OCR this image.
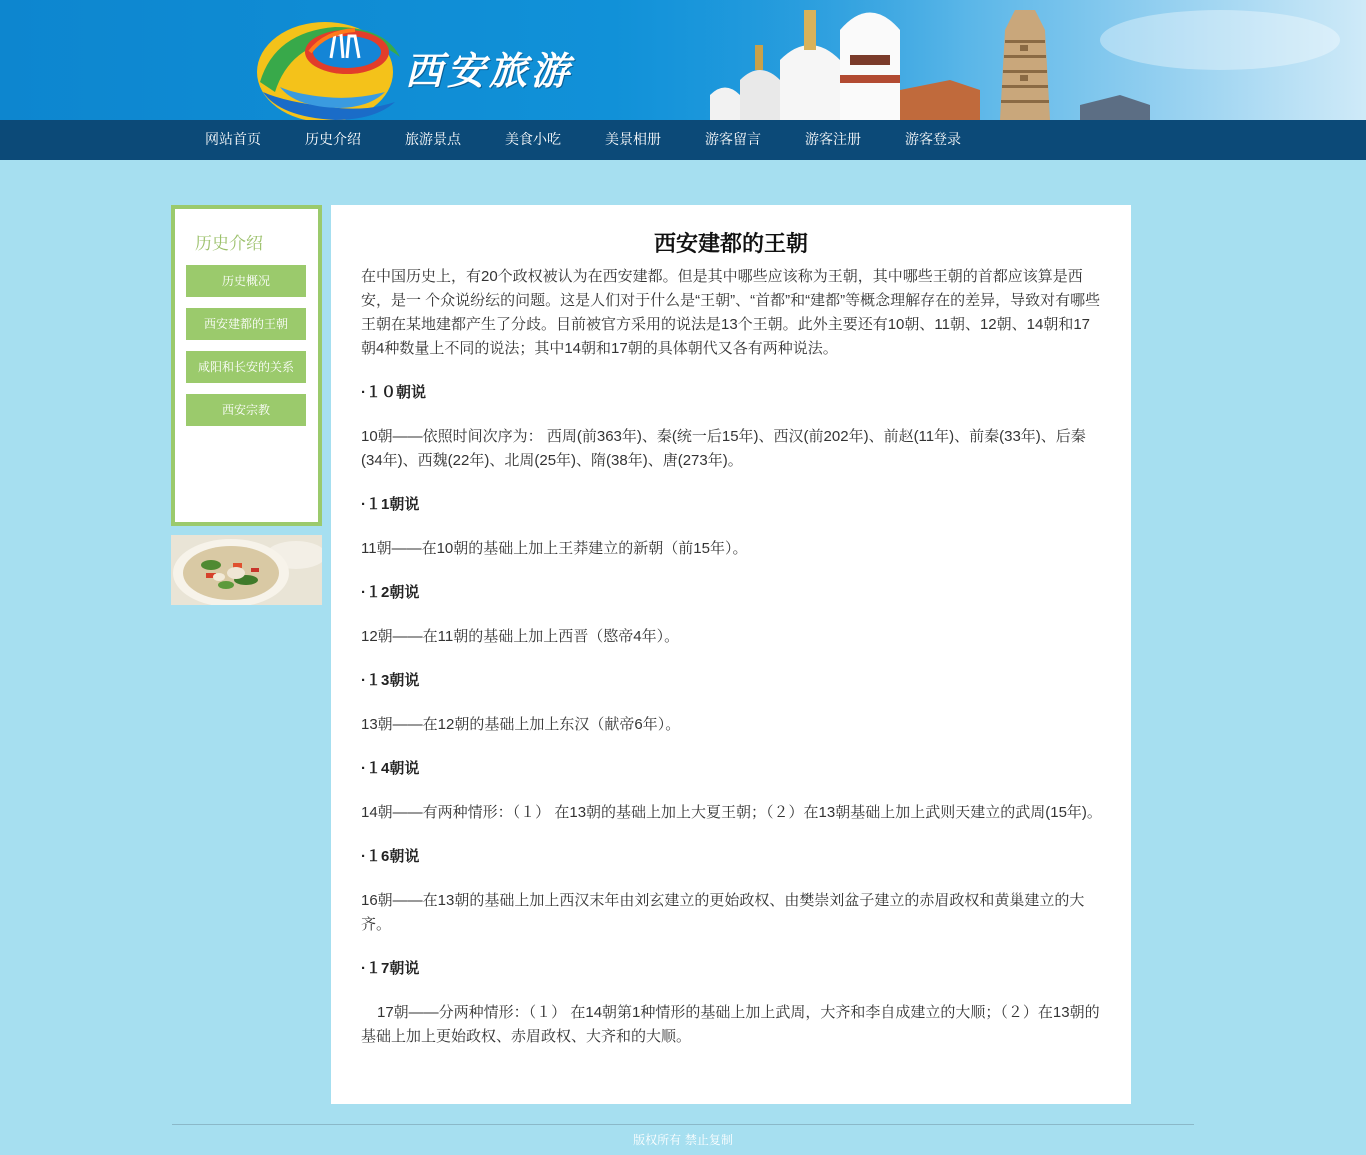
西安旅游
网站首页	历史介绍	旅游景点	美食小吃	美景相册	游客留言	游客注册	游客登录
历史介绍
历史概况
西安建都的王朝
咸阳和长安的关系
西安宗教
西安建都的王朝

在中国历史上，有20个政权被认为在西安建都。但是其中哪些应该称为王朝，其中哪些王朝的首都应该算是西安，是一 个众说纷纭的问题。这是人们对于什么是“王朝”、“首都”和“建都”等概念理解存在的差异，导致对有哪些王朝在某地建都产生了分歧。目前被官方采用的说法是13个王朝。此外主要还有10朝、11朝、12朝、14朝和17朝4种数量上不同的说法；其中14朝和17朝的具体朝代又各有两种说法。

·１０朝说

10朝——依照时间次序为： 西周(前363年)、秦(统一后15年)、西汉(前202年)、前赵(11年)、前秦(33年)、后秦(34年)、西魏(22年)、北周(25年)、隋(38年)、唐(273年)。

·１1朝说

11朝——在10朝的基础上加上王莽建立的新朝（前15年）。

·１2朝说

12朝——在11朝的基础上加上西晋（愍帝4年）。

·１3朝说

13朝——在12朝的基础上加上东汉（献帝6年）。

·１4朝说

14朝——有两种情形：（１） 在13朝的基础上加上大夏王朝；（２）在13朝基础上加上武则天建立的武周(15年)。

·１6朝说

16朝——在13朝的基础上加上西汉末年由刘玄建立的更始政权、由樊崇刘盆子建立的赤眉政权和黄巢建立的大齐。

·１7朝说

17朝——分两种情形：（１） 在14朝第1种情形的基础上加上武周，大齐和李自成建立的大顺；（２）在13朝的基础上加上更始政权、赤眉政权、大齐和的大顺。

版权所有 禁止复制
